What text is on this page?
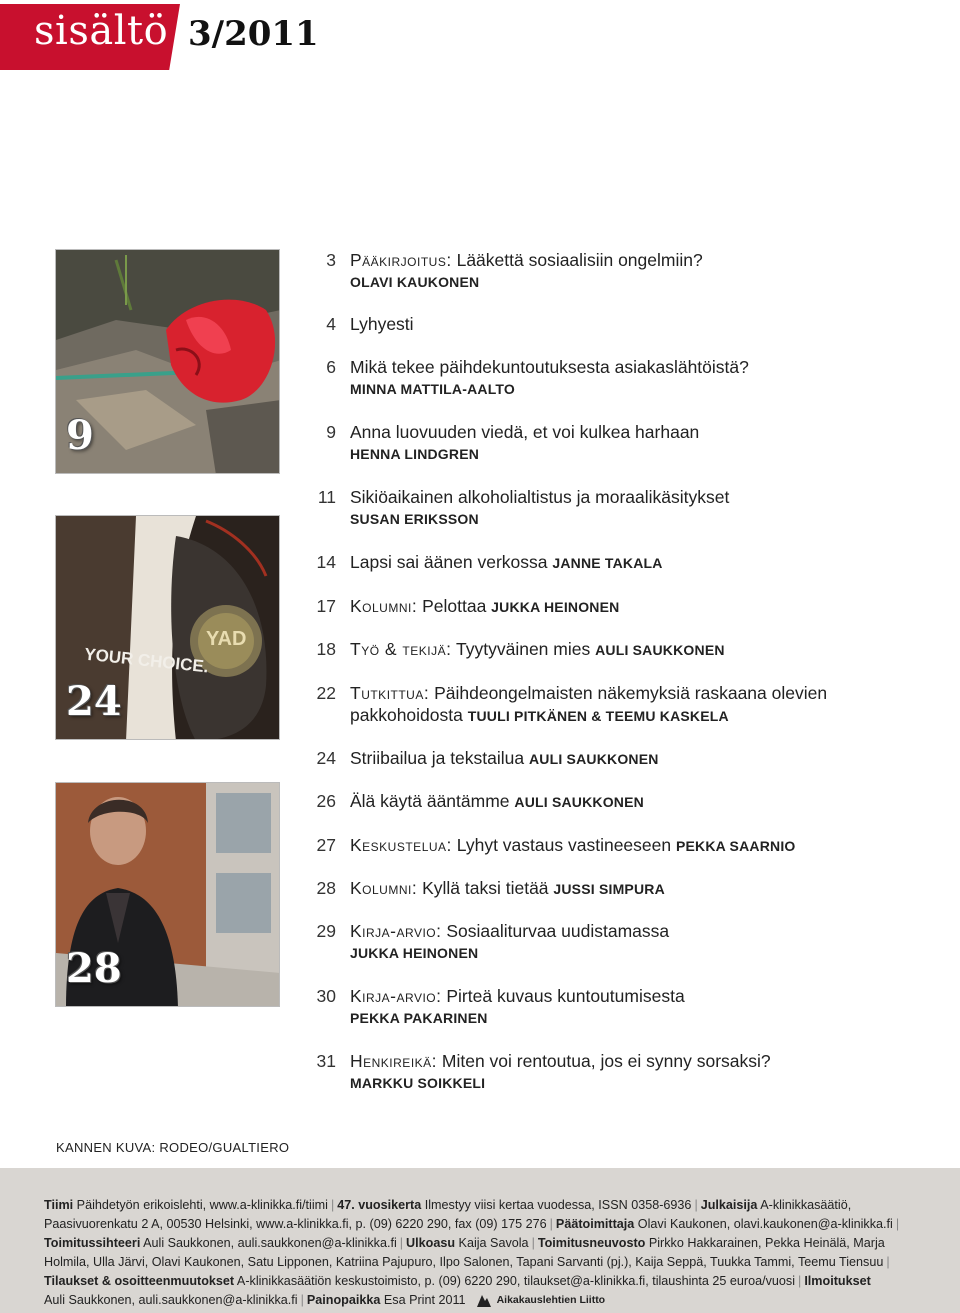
sisältö 3/2011
9
YOUR CHOICE.
YAD
24
28
3 Pääkirjoitus: Lääkettä sosiaalisiin ongelmiin?
OLAVI KAUKONEN
4 Lyhyesti
6 Mikä tekee päihdekuntoutuksesta asiakaslähtöistä?
MINNA MATTILA-AALTO
9 Anna luovuuden viedä, et voi kulkea harhaan
HENNA LINDGREN
11 Sikiöaikainen alkoholialtistus ja moraalikäsitykset
SUSAN ERIKSSON
14 Lapsi sai äänen verkossa JANNE TAKALA
17 Kolumni: Pelottaa JUKKA HEINONEN
18 Työ & tekijä: Tyytyväinen mies AULI SAUKKONEN
22 Tutkittua: Päihdeongelmaisten näkemyksiä raskaana olevien pakkohoidosta TUULI PITKÄNEN & TEEMU KASKELA
24 Striibailua ja tekstailua AULI SAUKKONEN
26 Älä käytä ääntämme AULI SAUKKONEN
27 Keskustelua: Lyhyt vastaus vastineeseen PEKKA SAARNIO
28 Kolumni: Kyllä taksi tietää JUSSI SIMPURA
29 Kirja-arvio: Sosiaaliturvaa uudistamassa
JUKKA HEINONEN
30 Kirja-arvio: Pirteä kuvaus kuntoutumisesta
PEKKA PAKARINEN
31 Henkireikä: Miten voi rentoutua, jos ei synny sorsaksi?
MARKKU SOIKKELI
KANNEN KUVA: RODEO/GUALTIERO
Tiimi Päihdetyön erikoislehti, www.a-klinikka.fi/tiimi | 47. vuosikerta Ilmestyy viisi kertaa vuodessa, ISSN 0358-6936 | Julkaisija A-klinikkasäätiö,
Paasivuorenkatu 2 A, 00530 Helsinki, www.a-klinikka.fi, p. (09) 6220 290, fax (09) 175 276 | Päätoimittaja Olavi Kaukonen, olavi.kaukonen@a-klinikka.fi |
Toimitussihteeri Auli Saukkonen, auli.saukkonen@a-klinikka.fi | Ulkoasu Kaija Savola | Toimitusneuvosto Pirkko Hakkarainen, Pekka Heinälä, Marja
Holmila, Ulla Järvi, Olavi Kaukonen, Satu Lipponen, Katriina Pajupuro, Ilpo Salonen, Tapani Sarvanti (pj.), Kaija Seppä, Tuukka Tammi, Teemu Tiensuu |
Tilaukset & osoitteenmuutokset A-klinikkasäätiön keskustoimisto, p. (09) 6220 290, tilaukset@a-klinikka.fi, tilaushinta 25 euroa/vuosi | Ilmoitukset
Auli Saukkonen, auli.saukkonen@a-klinikka.fi | Painopaikka Esa Print 2011	Aikakauslehtien Liitto
